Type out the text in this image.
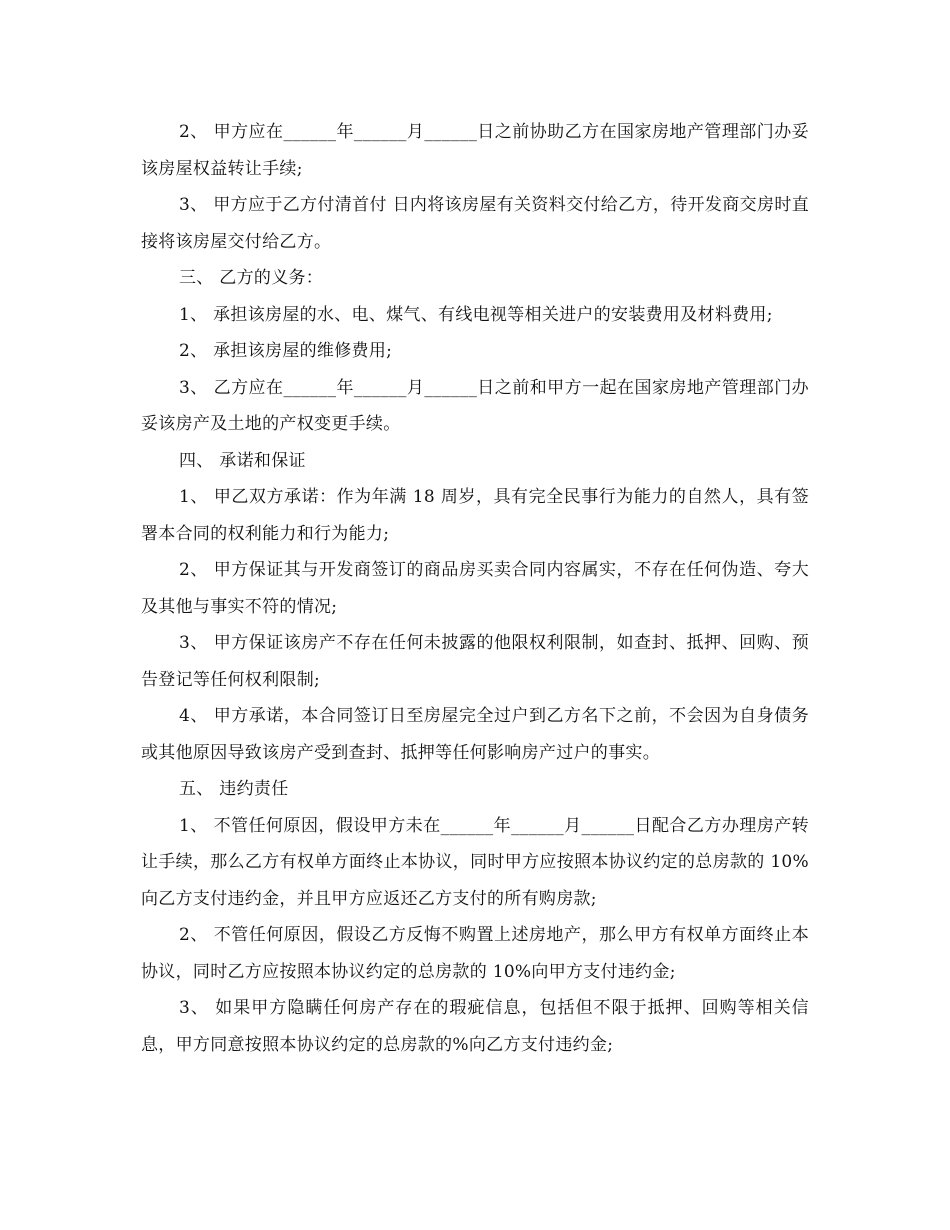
2、 甲方应在______年______月______日之前协助乙方在国家房地产管理部门办妥该房屋权益转让手续;

3、 甲方应于乙方付清首付 日内将该房屋有关资料交付给乙方，待开发商交房时直接将该房屋交付给乙方。

三、 乙方的义务：

1、 承担该房屋的水、电、煤气、有线电视等相关进户的安装费用及材料费用;

2、 承担该房屋的维修费用;

3、 乙方应在______年______月______日之前和甲方一起在国家房地产管理部门办妥该房产及土地的产权变更手续。

四、 承诺和保证

1、 甲乙双方承诺：作为年满 18 周岁，具有完全民事行为能力的自然人，具有签署本合同的权利能力和行为能力;

2、 甲方保证其与开发商签订的商品房买卖合同内容属实，不存在任何伪造、夸大及其他与事实不符的情况;

3、 甲方保证该房产不存在任何未披露的他限权利限制，如查封、抵押、回购、预告登记等任何权利限制;

4、 甲方承诺，本合同签订日至房屋完全过户到乙方名下之前，不会因为自身债务或其他原因导致该房产受到查封、抵押等任何影响房产过户的事实。

五、 违约责任

1、 不管任何原因，假设甲方未在______年______月______日配合乙方办理房产转让手续，那么乙方有权单方面终止本协议，同时甲方应按照本协议约定的总房款的 10%向乙方支付违约金，并且甲方应返还乙方支付的所有购房款;

2、 不管任何原因，假设乙方反悔不购置上述房地产，那么甲方有权单方面终止本协议，同时乙方应按照本协议约定的总房款的 10%向甲方支付违约金;

3、 如果甲方隐瞒任何房产存在的瑕疵信息，包括但不限于抵押、回购等相关信息，甲方同意按照本协议约定的总房款的%向乙方支付违约金;
